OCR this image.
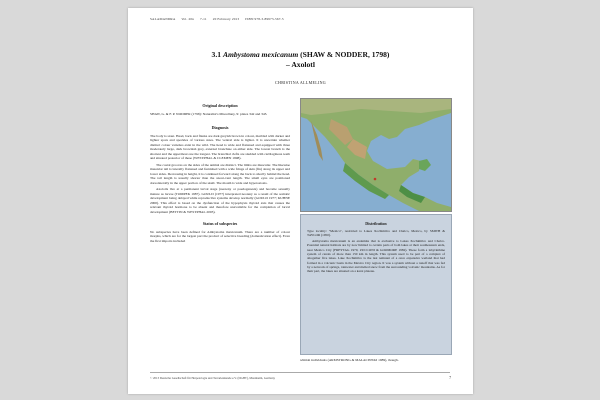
SALAMANDRA Vol. 20n 7-11 20 February 2013 ISBN 978-3-89973-567-5
3.1 Ambystoma mexicanum (SHAW & NODDER, 1798)
– Axolotl
CHRISTINA ALLMELING
Original description

SHAW, G. & F. P. NODDER (1798): Naturalist's Miscellany, 9: plates 342 and 343.

Diagnosis

The body is stout. Head, back and flanks are dark greyish brown in colour, marbled with darker and lighter spots and speckles of various sizes. The ventral side is lighter. It is uncertain whether distinct colour varieties exist in the wild. The head is wide and flattened and equipped with three moderately large, dark brownish grey, external branchiae on either side. The lowest branch is the shortest and the uppermost one the longest. The branchial clefts are studded with cartilaginous teeth and situated posterior of these (WESTPHAL & CLEMEN 1998).

The costal grooves on the sides of the animal are distinct. The limbs are muscular. The likewise muscular tail is laterally flattened and furnished with a wide fringe of skin (fin) along its upper and lower sides. Decreasing in height, it is continued forward along the back to shortly behind the head. The tail length is usually shorter than the snout-vent length. The small eyes are positioned dorsolaterally in the upper portion of the skull. The mouth is wide and hyperostosis.

Axolotls live at a permanent larval stage (neoteny or paedogenesis) and become sexually mature as larvae (TOMPEK 1987). GOULD (1977) interpreted neoteny as a result of the somatic development being delayed while reproductive systems develop normally (GOULD 1977; KUHNE 2000). This effect is based on the dysfunction of the hypophysis thyroid axis that causes the relevant thyroid hormone to be absent and therefore unavailable for the completion of larval development (BETTIN & WESTPHAL 2003).

Status of subspecies

No subspecies have been defined for Ambystoma mexicanum. There are a number of colour morphs, which are for the largest part the product of selective breeding (domestication effect). Even the first imports included

Distribution

Type locality: "Mexico", restricted to Lakes Xochimilco and Chalco, Mexico, by SMITH & TAYLOR (1950).

Ambystoma mexicanum is an endemite that is exclusive to Lakes Xochimilco and Chalco. Potential natural habitats are by now limited to certain parts of both lakes at their southeastern ends, near Mexico City (FREYTAG 1970, ZUCCONI & GOOMORE 1982). These form a labyrinthine system of canals of more than 150 km in length. This system used to be part of a complex of altogether five lakes. Lake Xochimilco is the last remnant of a once expansive wetland that had formed in a volcanic basin in the Mexico City region. It was a system without a runoff that was fed by a network of springs, rainwater and melted snow from the surrounding volcanic mountains. As for their part, the lakes are situated on a karst plateau.

whitish individuals (ARMSTRONG & MALACINSKI 1989), though.
© 2013 Deutsche Gesellschaft für Herpetologie und Terrarienkunde e.V. (DGHT), Mannheim, Germany	7
